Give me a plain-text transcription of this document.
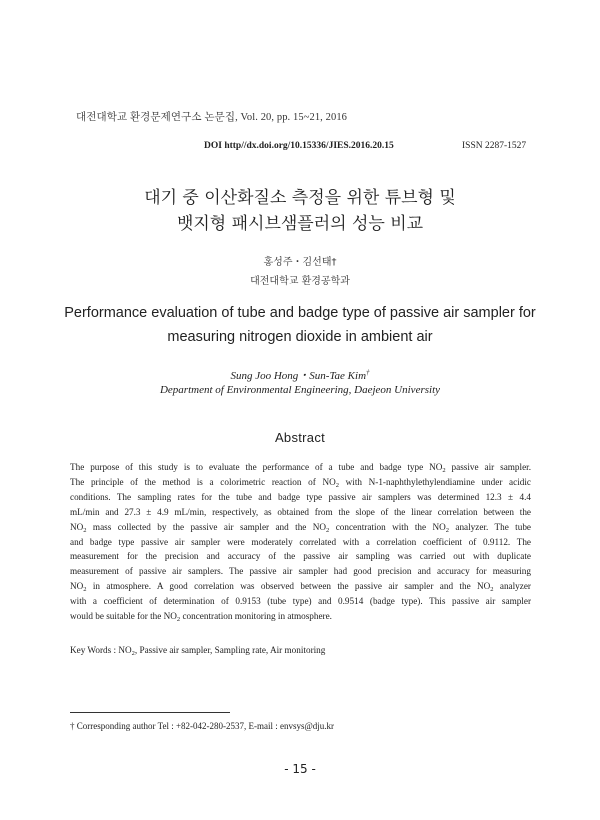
대전대학교 환경문제연구소 논문집, Vol. 20, pp. 15~21, 2016
DOI http//dx.doi.org/10.15336/JIES.2016.20.15	ISSN 2287-1527
대기 중 이산화질소 측정을 위한 튜브형 및
뱃지형 패시브샘플러의 성능 비교
홍성주・김선태†
대전대학교 환경공학과
Performance evaluation of tube and badge type of passive air sampler for
measuring nitrogen dioxide in ambient air
Sung Joo Hong・Sun-Tae Kim†
Department of Environmental Engineering, Daejeon University
Abstract
The purpose of this study is to evaluate the performance of a tube and badge type $NO_2$ passive air sampler.
The principle of the method is a colorimetric reaction of $NO_2$ with N-1-naphthylethylendiamine under acidic
conditions. The sampling rates for the tube and badge type passive air samplers was determined 12.3 ± 4.4
mL/min and 27.3 ± 4.9 mL/min, respectively, as obtained from the slope of the linear correlation between the
$NO_2$ mass collected by the passive air sampler and the $NO_2$ concentration with the $NO_2$ analyzer. The tube
and badge type passive air sampler were moderately correlated with a correlation coefficient of 0.9112. The
measurement for the precision and accuracy of the passive air sampling was carried out with duplicate
measurement of passive air samplers. The passive air sampler had good precision and accuracy for measuring
$NO_2$ in atmosphere. A good correlation was observed between the passive air sampler and the $NO_2$ analyzer
with a coefficient of determination of 0.9153 (tube type) and 0.9514 (badge type). This passive air sampler
would be suitable for the $NO_2$ concentration monitoring in atmosphere.
Key Words : $NO_2$, Passive air sampler, Sampling rate, Air monitoring
† Corresponding author Tel : +82-042-280-2537, E-mail : envsys@dju.kr
- 15 -
